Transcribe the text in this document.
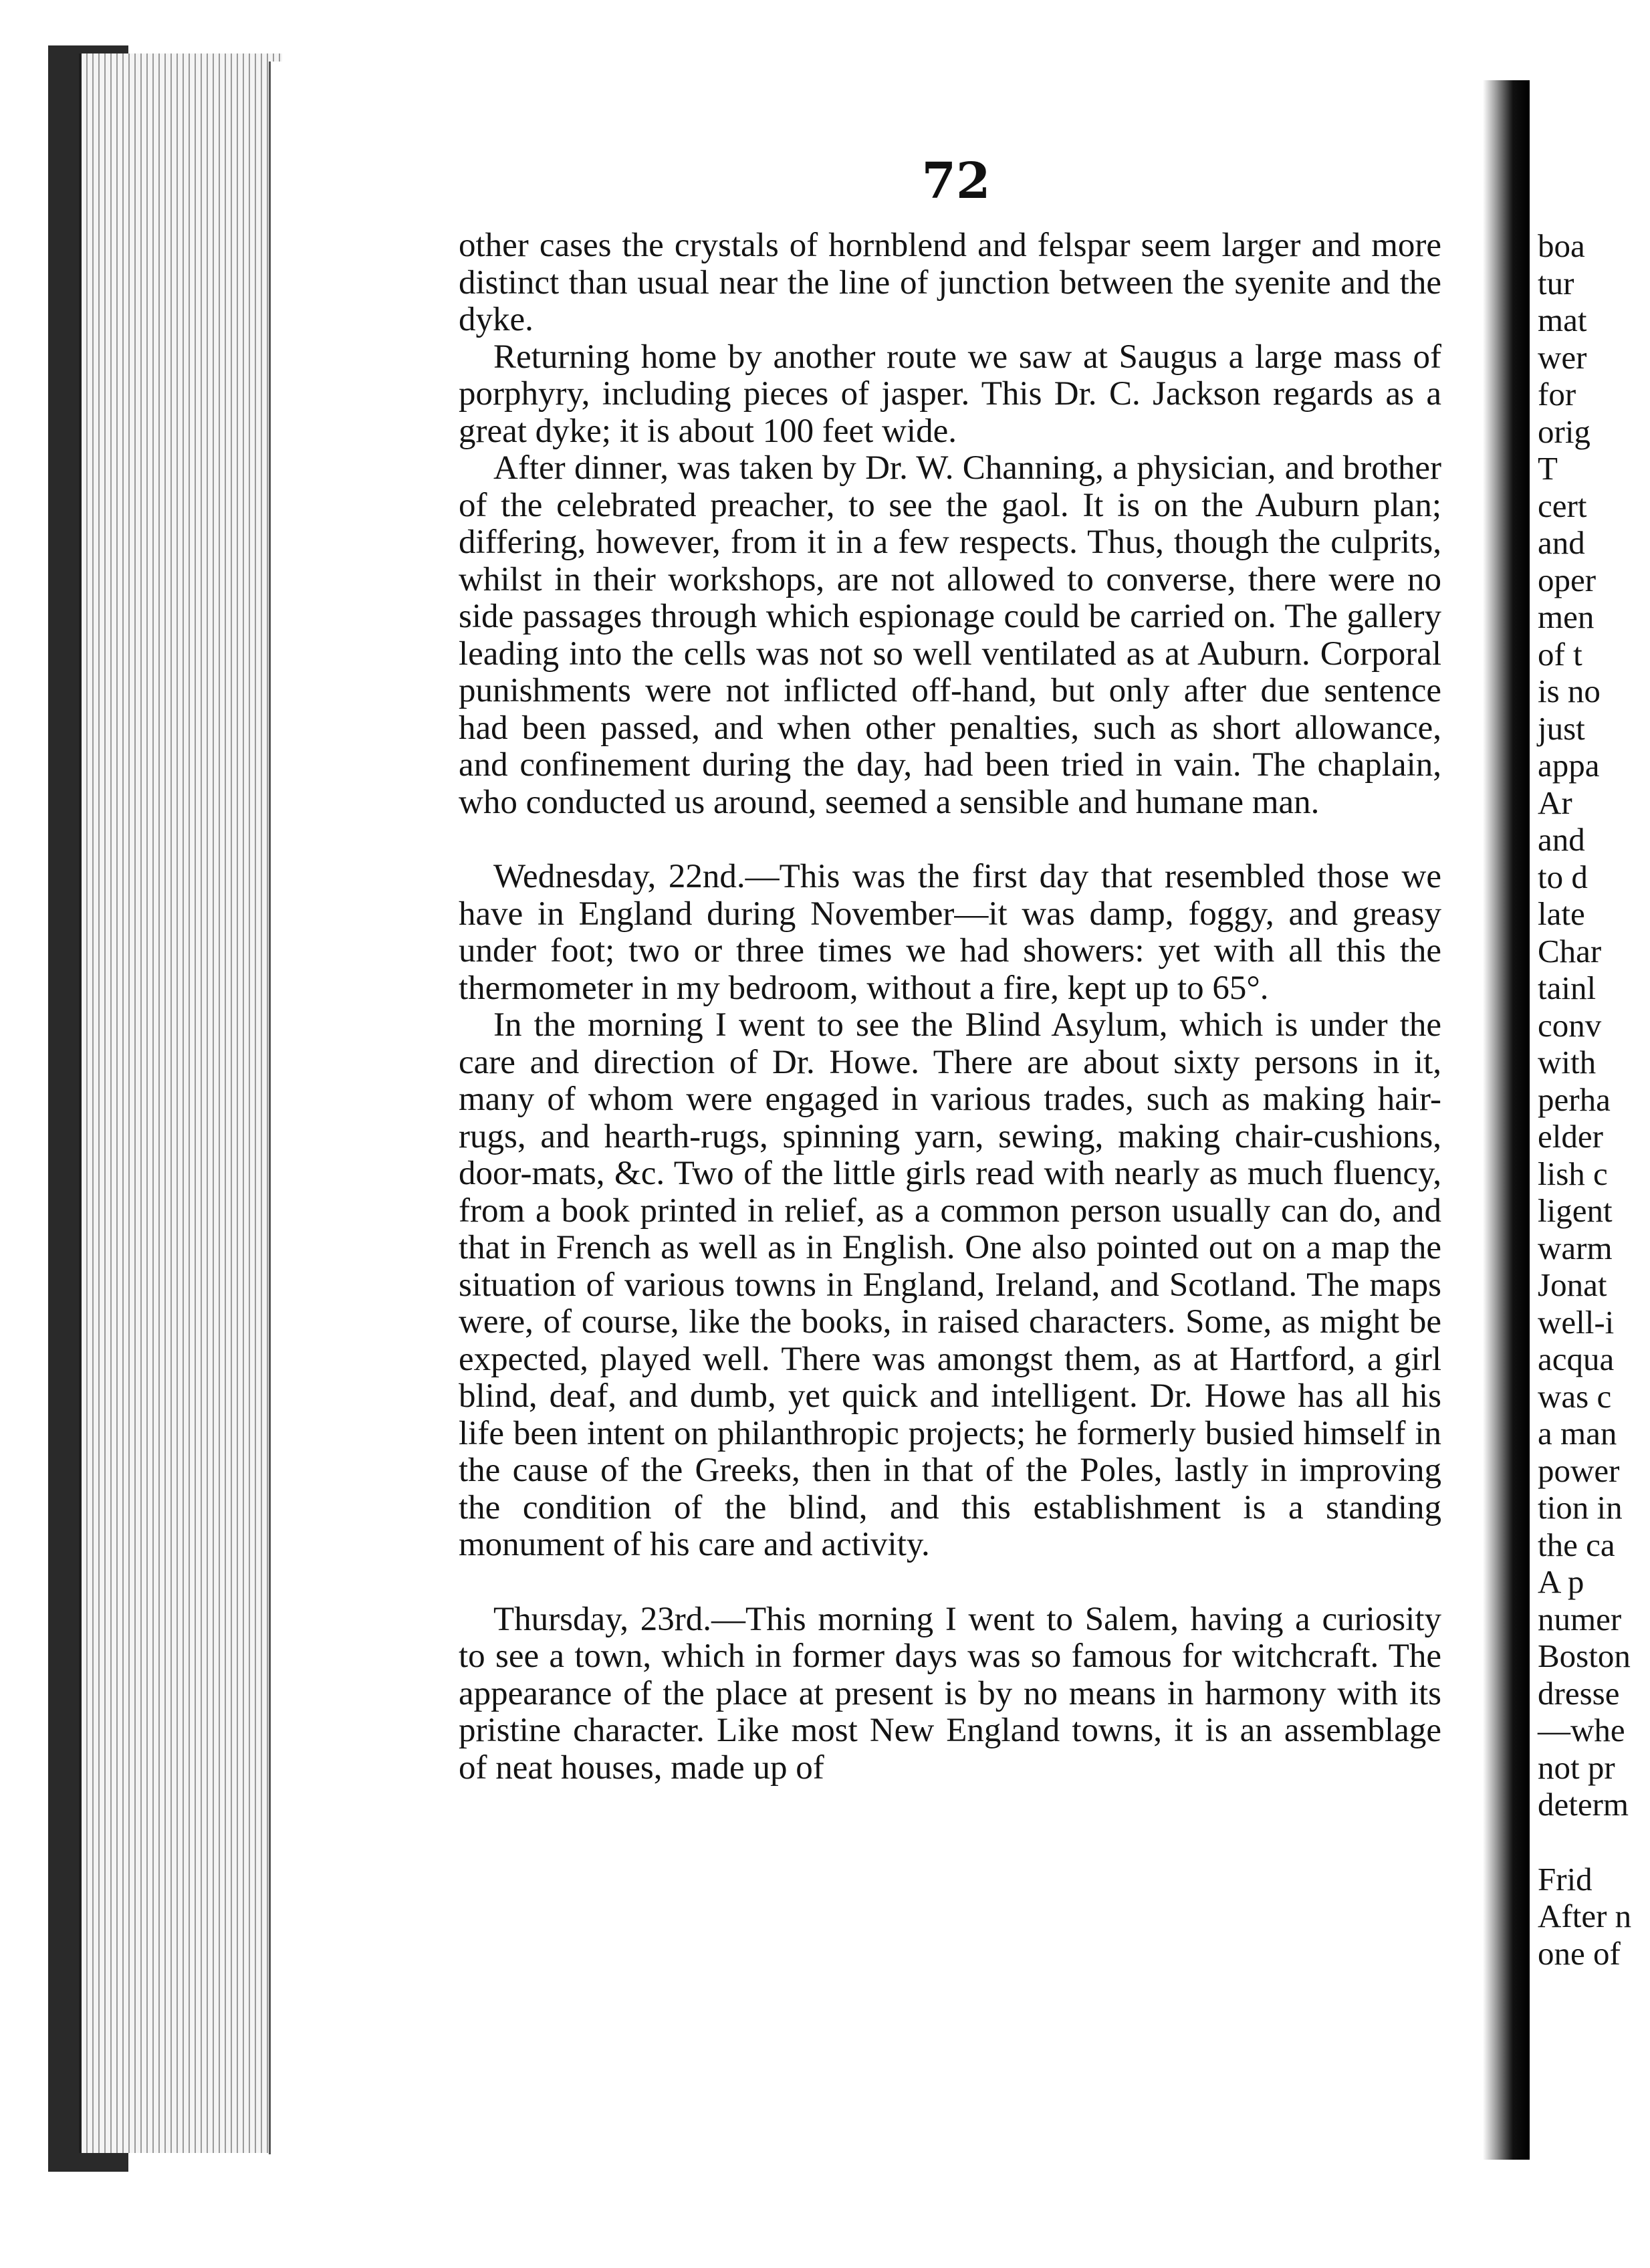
72

other cases the crystals of hornblend and felspar seem larger and more distinct than usual near the line of junction between the syenite and the dyke.

Returning home by another route we saw at Saugus a large mass of porphyry, including pieces of jasper. This Dr. C. Jackson regards as a great dyke; it is about 100 feet wide.

After dinner, was taken by Dr. W. Channing, a physician, and brother of the celebrated preacher, to see the gaol. It is on the Auburn plan; differing, however, from it in a few respects. Thus, though the culprits, whilst in their workshops, are not allowed to converse, there were no side passages through which espionage could be carried on. The gallery leading into the cells was not so well ventilated as at Auburn. Corporal punishments were not inflicted off-hand, but only after due sentence had been passed, and when other penalties, such as short allowance, and confinement during the day, had been tried in vain. The chaplain, who conducted us around, seemed a sensible and humane man.

Wednesday, 22nd.—This was the first day that resembled those we have in England during November—it was damp, foggy, and greasy under foot; two or three times we had showers: yet with all this the thermometer in my bedroom, without a fire, kept up to 65°.

In the morning I went to see the Blind Asylum, which is under the care and direction of Dr. Howe. There are about sixty persons in it, many of whom were engaged in various trades, such as making hair-rugs, and hearth-rugs, spinning yarn, sewing, making chair-cushions, door-mats, &c. Two of the little girls read with nearly as much fluency, from a book printed in relief, as a common person usually can do, and that in French as well as in English. One also pointed out on a map the situation of various towns in England, Ireland, and Scotland. The maps were, of course, like the books, in raised characters. Some, as might be expected, played well. There was amongst them, as at Hartford, a girl blind, deaf, and dumb, yet quick and intelligent. Dr. Howe has all his life been intent on philanthropic projects; he formerly busied himself in the cause of the Greeks, then in that of the Poles, lastly in improving the condition of the blind, and this establishment is a standing monument of his care and activity.

Thursday, 23rd.—This morning I went to Salem, having a curiosity to see a town, which in former days was so famous for witchcraft. The appearance of the place at present is by no means in harmony with its pristine character. Like most New England towns, it is an assemblage of neat houses, made up of

boa
tur
mat
wer
for
orig
T
cert
and
oper
men
of t
is no
just
appa
Ar
and
to d
late
Char
tainl
conv
with
perha
elder
lish c
ligent
warm
Jonat
well-i
acqua
was c
a man
power
tion in
the ca
A p
numer
Boston
dresse
—whe
not pr
determ
Frid
After n
one of
